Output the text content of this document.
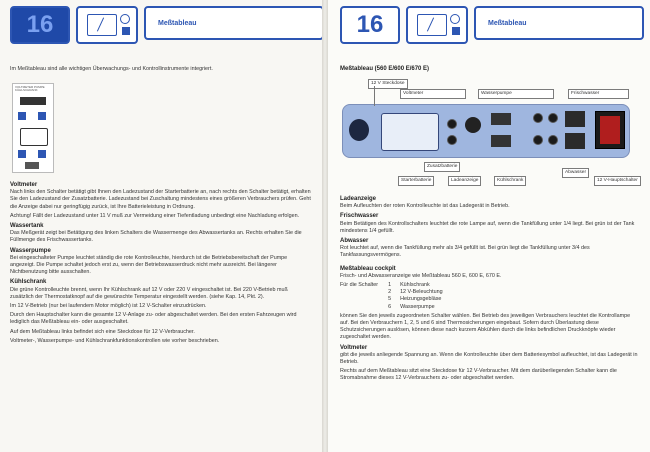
16	Meßtableau
Im Meßtableau sind alle wichtigen Überwachungs- und Kontrollinstrumente integriert.
VOLTMETER PUMPE KÜHLSCHRANK
Voltmeter
Nach links den Schalter betätigt gibt Ihnen den Ladezustand der Starterbatterie an, nach rechts den Schalter betätigt, erhalten Sie den Ladezustand der Zusatzbatterie. Ladezustand bei Zuschaltung mindestens eines größeren Verbrauchers prüfen. Geht die Anzeige dabei nur geringfügig zurück, ist Ihre Batterieleistung in Ordnung.
Achtung! Fällt der Ladezustand unter 11 V muß zur Vermeidung einer Tiefentladung unbedingt eine Nachladung erfolgen.
Wassertank
Das Meßgerät zeigt bei Betätigung des linken Schalters die Wassermenge des Abwassertanks an. Rechts erhalten Sie die Füllmenge des Frischwassertanks.
Wasserpumpe
Bei eingeschalteter Pumpe leuchtet ständig die rote Kontrolleuchte, hierdurch ist die Betriebsbereitschaft der Pumpe angezeigt. Die Pumpe schaltet jedoch erst zu, wenn der Betriebswasserdruck nicht mehr ausreicht. Bei längerer Nichtbenutzung bitte ausschalten.
Kühlschrank
Die grüne Kontrolleuchte brennt, wenn Ihr Kühlschrank auf 12 V oder 220 V eingeschaltet ist. Bei 220 V-Betrieb muß zusätzlich der Thermostatknopf auf die gewünschte Temperatur eingestellt werden. (siehe Kap. 14, Pkt. 2).
Im 12 V-Betrieb (nur bei laufendem Motor möglich) ist 12 V-Schalter einzudrücken.
Durch den Hauptschalter kann die gesamte 12 V-Anlage zu- oder abgeschaltet werden. Bei den ersten Fahrzeugen wird lediglich das Meßtableau ein- oder ausgeschaltet.
Auf dem Meßtableau links befindet sich eine Steckdose für 12 V-Verbraucher.
Voltmeter-, Wasserpumpe- und Kühlschrankfunktionskontrollen wie vorher beschrieben.
16	Meßtableau
Meßtableau (560 E/600 E/670 E)
12 V Steckdose
Voltmeter	Wasserpumpe	Frischwasser
Zusatzbatterie
Starterbatterie	Ladeanzeige	Kühlschrank
Abwasser
12 V-Hauptschalter
Ladeanzeige
Beim Aufleuchten der roten Kontrolleuchte ist das Ladegerät in Betrieb.
Frischwasser
Beim Betätigen des Kontrollschalters leuchtet die rote Lampe auf, wenn die Tankfüllung unter 1/4 liegt. Bei grün ist der Tank mindestens 1/4 gefüllt.
Abwasser
Rot leuchtet auf, wenn die Tankfüllung mehr als 3/4 gefüllt ist. Bei grün liegt die Tankfüllung unter 3/4 des Tankfassungsvermögens.
Meßtableau cockpit
Frisch- und Abwasseranzeige wie Meßtableau 560 E, 600 E, 670 E.
Für die Schalter 1 Kühlschrank
2 12 V-Beleuchtung
5 Heizungsgebläse
6 Wasserpumpe
können Sie den jeweils zugeordneten Schalter wählen. Bei Betrieb des jeweiligen Verbrauchers leuchtet die Kontrollampe auf. Bei den Verbrauchern 1, 2, 5 und 6 sind Thermosicherungen eingebaut. Sofern durch Überlastung diese Schutzsicherungen auslösen, können diese nach kurzem Abkühlen durch die links befindlichen Druckknöpfe wieder zugeschaltet werden.
Voltmeter
gibt die jeweils anliegende Spannung an. Wenn die Kontrolleuchte über dem Batteriesymbol aufleuchtet, ist das Ladegerät in Betrieb.
Rechts auf dem Meßtableau sitzt eine Steckdose für 12 V-Verbraucher. Mit dem darüberliegenden Schalter kann die Stromabnahme dieses 12 V-Verbrauchers zu- oder abgeschaltet werden.
